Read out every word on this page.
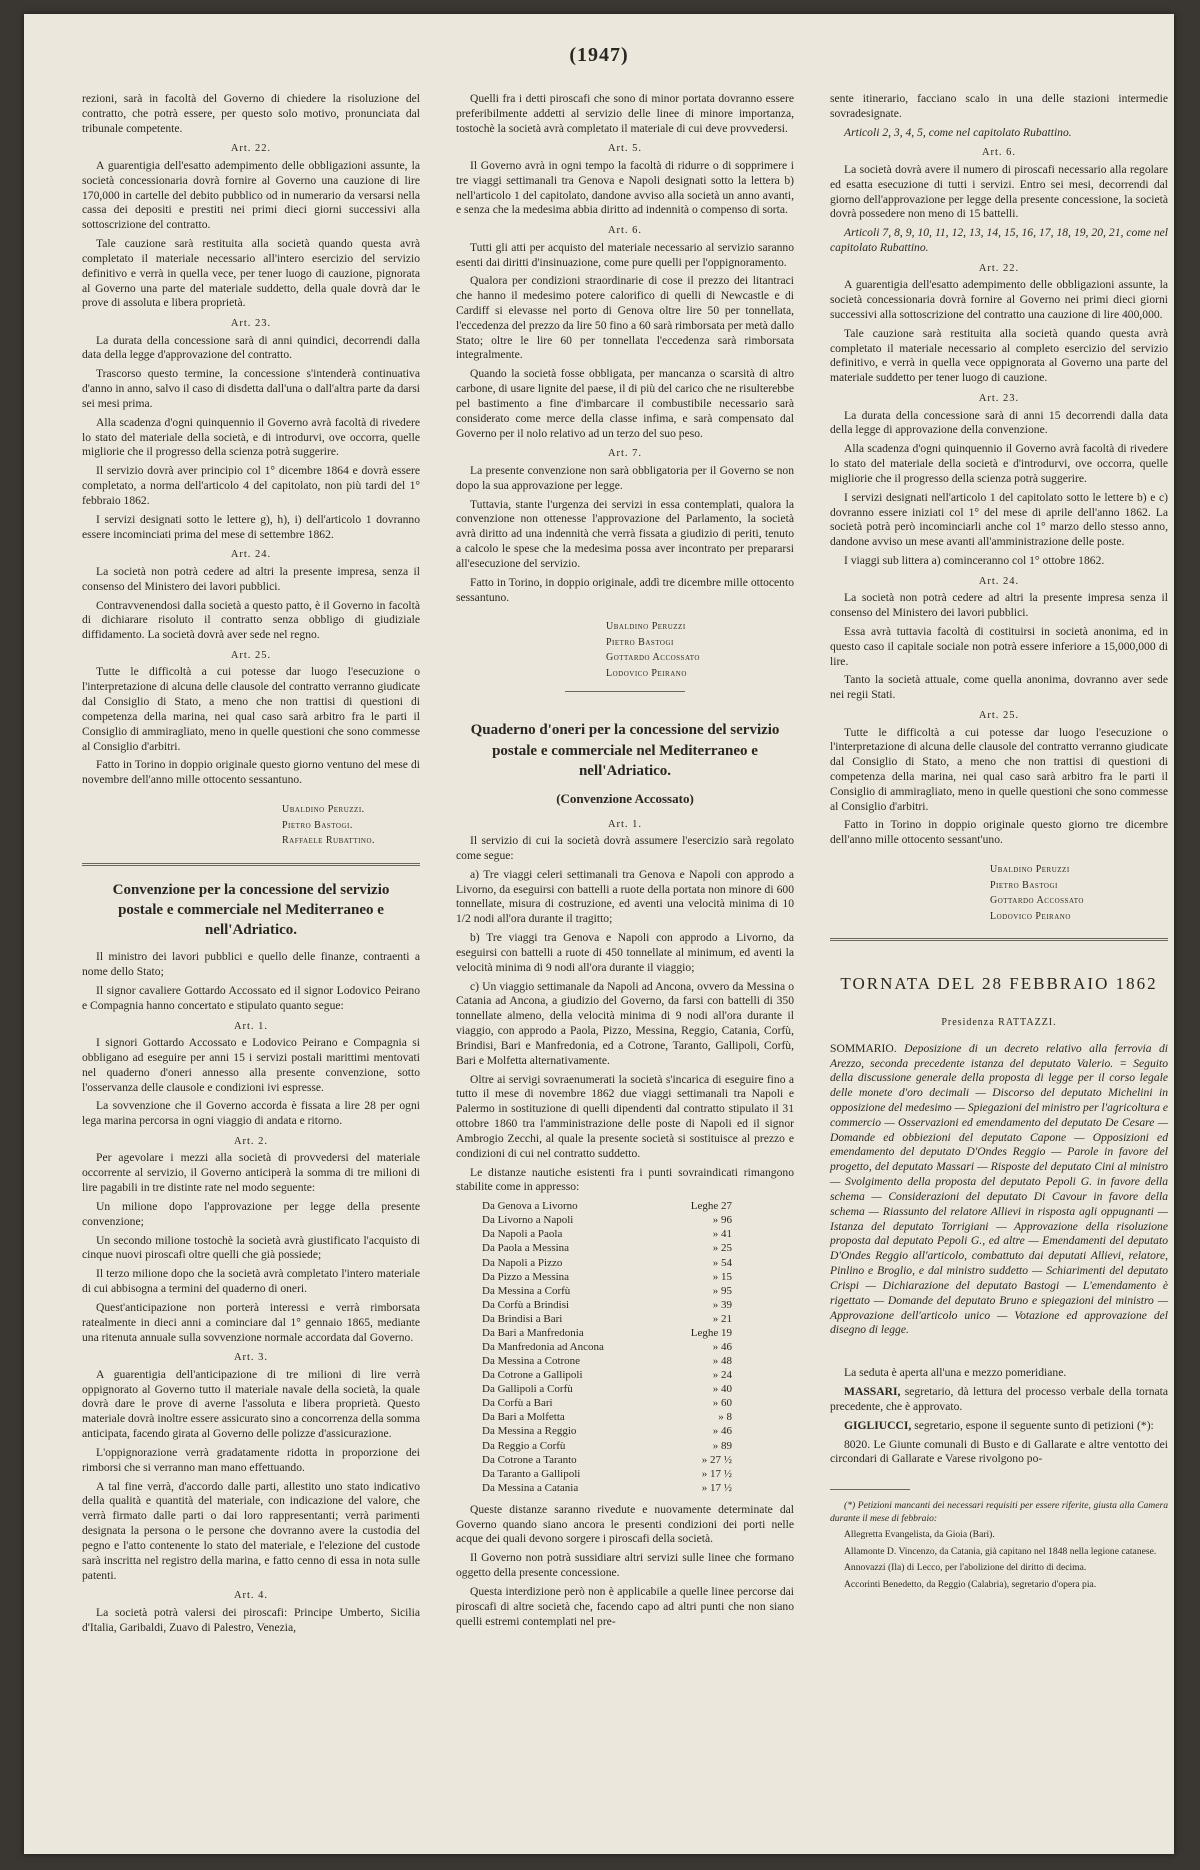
(1947)

rezioni, sarà in facoltà del Governo di chiedere la risoluzione del contratto, che potrà essere, per questo solo motivo, pronunciata dal tribunale competente.

Art. 22.

A guarentigia dell'esatto adempimento delle obbligazioni assunte, la società concessionaria dovrà fornire al Governo una cauzione di lire 170,000 in cartelle del debito pubblico od in numerario da versarsi nella cassa dei depositi e prestiti nei primi dieci giorni successivi alla sottoscrizione del contratto.

Tale cauzione sarà restituita alla società quando questa avrà completato il materiale necessario all'intero esercizio del servizio definitivo e verrà in quella vece, per tener luogo di cauzione, pignorata al Governo una parte del materiale suddetto, della quale dovrà dar le prove di assoluta e libera proprietà.

Art. 23.

La durata della concessione sarà di anni quindici, decorrendi dalla data della legge d'approvazione del contratto.

Trascorso questo termine, la concessione s'intenderà continuativa d'anno in anno, salvo il caso di disdetta dall'una o dall'altra parte da darsi sei mesi prima.

Alla scadenza d'ogni quinquennio il Governo avrà facoltà di rivedere lo stato del materiale della società, e di introdurvi, ove occorra, quelle migliorie che il progresso della scienza potrà suggerire.

Il servizio dovrà aver principio col 1° dicembre 1864 e dovrà essere completato, a norma dell'articolo 4 del capitolato, non più tardi del 1° febbraio 1862.

I servizi designati sotto le lettere g), h), i) dell'articolo 1 dovranno essere incominciati prima del mese di settembre 1862.

Art. 24.

La società non potrà cedere ad altri la presente impresa, senza il consenso del Ministero dei lavori pubblici.

Contravvenendosi dalla società a questo patto, è il Governo in facoltà di dichiarare risoluto il contratto senza obbligo di giudiziale diffidamento. La società dovrà aver sede nel regno.

Art. 25.

Tutte le difficoltà a cui potesse dar luogo l'esecuzione o l'interpretazione di alcuna delle clausole del contratto verranno giudicate dal Consiglio di Stato, a meno che non trattisi di questioni di competenza della marina, nei qual caso sarà arbitro fra le parti il Consiglio di ammiragliato, meno in quelle questioni che sono commesse al Consiglio d'arbitri.

Fatto in Torino in doppio originale questo giorno ventuno del mese di novembre dell'anno mille ottocento sessantuno.

Ubaldino Peruzzi.
Pietro Bastogi.
Raffaele Rubattino.
Convenzione per la concessione del servizio postale e commerciale nel Mediterraneo e nell'Adriatico.

Il ministro dei lavori pubblici e quello delle finanze, contraenti a nome dello Stato;

Il signor cavaliere Gottardo Accossato ed il signor Lodovico Peirano e Compagnia hanno concertato e stipulato quanto segue:

Art. 1.

I signori Gottardo Accossato e Lodovico Peirano e Compagnia si obbligano ad eseguire per anni 15 i servizi postali marittimi mentovati nel quaderno d'oneri annesso alla presente convenzione, sotto l'osservanza delle clausole e condizioni ivi espresse.

La sovvenzione che il Governo accorda è fissata a lire 28 per ogni lega marina percorsa in ogni viaggio di andata e ritorno.

Art. 2.

Per agevolare i mezzi alla società di provvedersi del materiale occorrente al servizio, il Governo anticiperà la somma di tre milioni di lire pagabili in tre distinte rate nel modo seguente:

Un milione dopo l'approvazione per legge della presente convenzione;

Un secondo milione tostochè la società avrà giustificato l'acquisto di cinque nuovi piroscafi oltre quelli che già possiede;

Il terzo milione dopo che la società avrà completato l'intero materiale di cui abbisogna a termini del quaderno di oneri.

Quest'anticipazione non porterà interessi e verrà rimborsata ratealmente in dieci anni a cominciare dal 1° gennaio 1865, mediante una ritenuta annuale sulla sovvenzione normale accordata dal Governo.

Art. 3.

A guarentigia dell'anticipazione di tre milioni di lire verrà oppignorato al Governo tutto il materiale navale della società, la quale dovrà dare le prove di averne l'assoluta e libera proprietà. Questo materiale dovrà inoltre essere assicurato sino a concorrenza della somma anticipata, facendo girata al Governo delle polizze d'assicurazione.

L'oppignorazione verrà gradatamente ridotta in proporzione dei rimborsi che si verranno man mano effettuando.

A tal fine verrà, d'accordo dalle parti, allestito uno stato indicativo della qualità e quantità del materiale, con indicazione del valore, che verrà firmato dalle parti o dai loro rappresentanti; verrà parimenti designata la persona o le persone che dovranno avere la custodia del pegno e l'atto contenente lo stato del materiale, e l'elezione del custode sarà inscritta nel registro della marina, e fatto cenno di essa in nota sulle patenti.

Art. 4.

La società potrà valersi dei piroscafi: Principe Umberto, Sicilia d'Italia, Garibaldi, Zuavo di Palestro, Venezia,

Quelli fra i detti piroscafi che sono di minor portata dovranno essere preferibilmente addetti al servizio delle linee di minore importanza, tostochè la società avrà completato il materiale di cui deve provvedersi.

Art. 5.

Il Governo avrà in ogni tempo la facoltà di ridurre o di sopprimere i tre viaggi settimanali tra Genova e Napoli designati sotto la lettera b) nell'articolo 1 del capitolato, dandone avviso alla società un anno avanti, e senza che la medesima abbia diritto ad indennità o compenso di sorta.

Art. 6.

Tutti gli atti per acquisto del materiale necessario al servizio saranno esenti dai diritti d'insinuazione, come pure quelli per l'oppignoramento.

Qualora per condizioni straordinarie di cose il prezzo dei litantraci che hanno il medesimo potere calorifico di quelli di Newcastle e di Cardiff si elevasse nel porto di Genova oltre lire 50 per tonnellata, l'eccedenza del prezzo da lire 50 fino a 60 sarà rimborsata per metà dallo Stato; oltre le lire 60 per tonnellata l'eccedenza sarà rimborsata integralmente.

Quando la società fosse obbligata, per mancanza o scarsità di altro carbone, di usare lignite del paese, il di più del carico che ne risulterebbe pel bastimento a fine d'imbarcare il combustibile necessario sarà considerato come merce della classe infima, e sarà compensato dal Governo per il nolo relativo ad un terzo del suo peso.

Art. 7.

La presente convenzione non sarà obbligatoria per il Governo se non dopo la sua approvazione per legge.

Tuttavia, stante l'urgenza dei servizi in essa contemplati, qualora la convenzione non ottenesse l'approvazione del Parlamento, la società avrà diritto ad una indennità che verrà fissata a giudizio di periti, tenuto a calcolo le spese che la medesima possa aver incontrato per prepararsi all'esecuzione del servizio.

Fatto in Torino, in doppio originale, addì tre dicembre mille ottocento sessantuno.

Ubaldino Peruzzi
Pietro Bastogi
Gottardo Accossato
Lodovico Peirano
Quaderno d'oneri per la concessione del servizio postale e commerciale nel Mediterraneo e nell'Adriatico.
(Convenzione Accossato)
Art. 1.

Il servizio di cui la società dovrà assumere l'esercizio sarà regolato come segue:

a) Tre viaggi celeri settimanali tra Genova e Napoli con approdo a Livorno, da eseguirsi con battelli a ruote della portata non minore di 600 tonnellate, misura di costruzione, ed aventi una velocità minima di 10 1/2 nodi all'ora durante il tragitto;

b) Tre viaggi tra Genova e Napoli con approdo a Livorno, da eseguirsi con battelli a ruote di 450 tonnellate al minimum, ed aventi la velocità minima di 9 nodi all'ora durante il viaggio;

c) Un viaggio settimanale da Napoli ad Ancona, ovvero da Messina o Catania ad Ancona, a giudizio del Governo, da farsi con battelli di 350 tonnellate almeno, della velocità minima di 9 nodi all'ora durante il viaggio, con approdo a Paola, Pizzo, Messina, Reggio, Catania, Corfù, Brindisi, Bari e Manfredonia, ed a Cotrone, Taranto, Gallipoli, Corfù, Bari e Molfetta alternativamente.

Oltre ai servigi sovraenumerati la società s'incarica di eseguire fino a tutto il mese di novembre 1862 due viaggi settimanali tra Napoli e Palermo in sostituzione di quelli dipendenti dal contratto stipulato il 31 ottobre 1860 tra l'amministrazione delle poste di Napoli ed il signor Ambrogio Zecchi, al quale la presente società si sostituisce al prezzo e condizioni di cui nel contratto suddetto.

Le distanze nautiche esistenti fra i punti sovraindicati rimangono stabilite come in appresso:

Da Genova a Livorno	Leghe 27
Da Livorno a Napoli	» 96
Da Napoli a Paola	» 41
Da Paola a Messina	» 25
Da Napoli a Pizzo	» 54
Da Pizzo a Messina	» 15
Da Messina a Corfù	» 95
Da Corfù a Brindisi	» 39
Da Brindisi a Bari	» 21
Da Bari a Manfredonia	Leghe 19
Da Manfredonia ad Ancona	» 46
Da Messina a Cotrone	» 48
Da Cotrone a Gallipoli	» 24
Da Gallipoli a Corfù	» 40
Da Corfù a Bari	» 60
Da Bari a Molfetta	» 8
Da Messina a Reggio	» 46
Da Reggio a Corfù	» 89
Da Cotrone a Taranto	» 27 ½
Da Taranto a Gallipoli	» 17 ½
Da Messina a Catania	» 17 ½

Queste distanze saranno rivedute e nuovamente determinate dal Governo quando siano ancora le presenti condizioni dei porti nelle acque dei quali devono sorgere i piroscafi della società.

Il Governo non potrà sussidiare altri servizi sulle linee che formano oggetto della presente concessione.

Questa interdizione però non è applicabile a quelle linee percorse dai piroscafi di altre società che, facendo capo ad altri punti che non siano quelli estremi contemplati nel pre-

sente itinerario, facciano scalo in una delle stazioni intermedie sovradesignate.

Articoli 2, 3, 4, 5, come nel capitolato Rubattino.

Art. 6.

La società dovrà avere il numero di piroscafi necessario alla regolare ed esatta esecuzione di tutti i servizi. Entro sei mesi, decorrendi dal giorno dell'approvazione per legge della presente concessione, la società dovrà possedere non meno di 15 battelli.

Articoli 7, 8, 9, 10, 11, 12, 13, 14, 15, 16, 17, 18, 19, 20, 21, come nel capitolato Rubattino.

Art. 22.

A guarentigia dell'esatto adempimento delle obbligazioni assunte, la società concessionaria dovrà fornire al Governo nei primi dieci giorni successivi alla sottoscrizione del contratto una cauzione di lire 400,000.

Tale cauzione sarà restituita alla società quando questa avrà completato il materiale necessario al completo esercizio del servizio definitivo, e verrà in quella vece oppignorata al Governo una parte del materiale suddetto per tener luogo di cauzione.

Art. 23.

La durata della concessione sarà di anni 15 decorrendi dalla data della legge di approvazione della convenzione.

Alla scadenza d'ogni quinquennio il Governo avrà facoltà di rivedere lo stato del materiale della società e d'introdurvi, ove occorra, quelle migliorie che il progresso della scienza potrà suggerire.

I servizi designati nell'articolo 1 del capitolato sotto le lettere b) e c) dovranno essere iniziati col 1° del mese di aprile dell'anno 1862. La società potrà però incominciarli anche col 1° marzo dello stesso anno, dandone avviso un mese avanti all'amministrazione delle poste.

I viaggi sub littera a) cominceranno col 1° ottobre 1862.

Art. 24.

La società non potrà cedere ad altri la presente impresa senza il consenso del Ministero dei lavori pubblici.

Essa avrà tuttavia facoltà di costituirsi in società anonima, ed in questo caso il capitale sociale non potrà essere inferiore a 15,000,000 di lire.

Tanto la società attuale, come quella anonima, dovranno aver sede nei regii Stati.

Art. 25.

Tutte le difficoltà a cui potesse dar luogo l'esecuzione o l'interpretazione di alcuna delle clausole del contratto verranno giudicate dal Consiglio di Stato, a meno che non trattisi di questioni di competenza della marina, nei qual caso sarà arbitro fra le parti il Consiglio di ammiragliato, meno in quelle questioni che sono commesse al Consiglio d'arbitri.

Fatto in Torino in doppio originale questo giorno tre dicembre dell'anno mille ottocento sessant'uno.

Ubaldino Peruzzi
Pietro Bastogi
Gottardo Accossato
Lodovico Peirano
TORNATA DEL 28 FEBBRAIO 1862
Presidenza RATTAZZI.

SOMMARIO. Deposizione di un decreto relativo alla ferrovia di Arezzo, seconda precedente istanza del deputato Valerio. = Seguito della discussione generale della proposta di legge per il corso legale delle monete d'oro decimali — Discorso del deputato Michelini in opposizione del medesimo — Spiegazioni del ministro per l'agricoltura e commercio — Osservazioni ed emendamento del deputato De Cesare — Domande ed obbiezioni del deputato Capone — Opposizioni ed emendamento del deputato D'Ondes Reggio — Parole in favore del progetto, del deputato Massari — Risposte del deputato Cini al ministro — Svolgimento della proposta del deputato Pepoli G. in favore della schema — Considerazioni del deputato Di Cavour in favore della schema — Riassunto del relatore Allievi in risposta agli oppugnanti — Istanza del deputato Torrigiani — Approvazione della risoluzione proposta dal deputato Pepoli G., ed altre — Emendamenti del deputato D'Ondes Reggio all'articolo, combattuto dai deputati Allievi, relatore, Pinlino e Broglio, e dal ministro suddetto — Schiarimenti del deputato Crispi — Dichiarazione del deputato Bastogi — L'emendamento è rigettato — Domande del deputato Bruno e spiegazioni del ministro — Approvazione dell'articolo unico — Votazione ed approvazione del disegno di legge.

La seduta è aperta all'una e mezzo pomeridiane.

MASSARI, segretario, dà lettura del processo verbale della tornata precedente, che è approvato.

GIGLIUCCI, segretario, espone il seguente sunto di petizioni (*):

8020. Le Giunte comunali di Busto e di Gallarate e altre ventotto dei circondari di Gallarate e Varese rivolgono po-

(*) Petizioni mancanti dei necessari requisiti per essere riferite, giusta alla Camera durante il mese di febbraio:

Allegretta Evangelista, da Gioia (Bari).

Allamonte D. Vincenzo, da Catania, già capitano nel 1848 nella legione catanese.

Annovazzi (Ila) di Lecco, per l'abolizione del diritto di decima.

Accorinti Benedetto, da Reggio (Calabria), segretario d'opera pia.
